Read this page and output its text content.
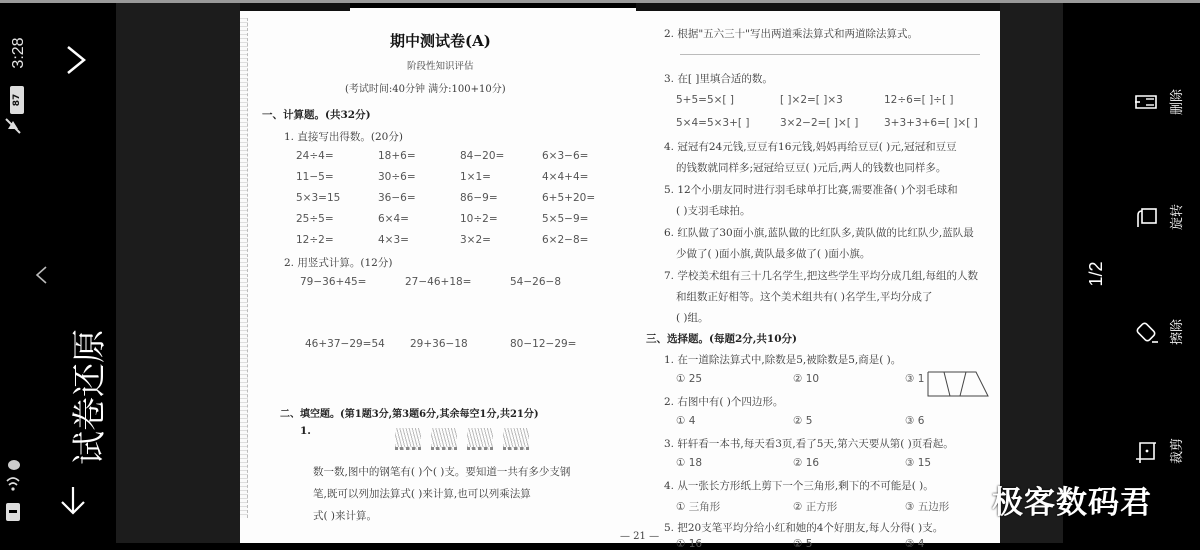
3:28
87
试卷还原
期中测试卷(A)
阶段性知识评估
(考试时间:40分钟 满分:100+10分)
一、计算题。(共32分)
1. 直接写出得数。(20分)
24÷4=	18+6=	84−20=	6×3−6=
11−5=	30÷6=	1×1=	4×4+4=
5×3=15	36−6=	86−9=	6+5+20=
25÷5=	6×4=	10÷2=	5×5−9=
12÷2=	4×3=	3×2=	6×2−8=
2. 用竖式计算。(12分)
79−36+45=	27−46+18=	54−26−8
46+37−29=54	29+36−18	80−12−29=
二、填空题。(第1题3分,第3题6分,其余每空1分,共21分)
1.
数一数,图中的钢笔有( )个( )支。要知道一共有多少支钢
笔,既可以列加法算式( )来计算,也可以列乘法算
式( )来计算。
2. 根据"五六三十"写出两道乘法算式和两道除法算式。
3. 在[ ]里填合适的数。
5+5=5×[ ]	[ ]×2=[ ]×3	12÷6=[ ]÷[ ]
5×4=5×3+[ ]	3×2−2=[ ]×[ ]	3+3+3+6=[ ]×[ ]
4. 冠冠有24元钱,豆豆有16元钱,妈妈再给豆豆( )元,冠冠和豆豆
的钱数就同样多;冠冠给豆豆( )元后,两人的钱数也同样多。
5. 12个小朋友同时进行羽毛球单打比赛,需要准备( )个羽毛球和
( )支羽毛球拍。
6. 红队做了30面小旗,蓝队做的比红队多,黄队做的比红队少,蓝队最
少做了( )面小旗,黄队最多做了( )面小旗。
7. 学校美术组有三十几名学生,把这些学生平均分成几组,每组的人数
和组数正好相等。这个美术组共有( )名学生,平均分成了
( )组。
三、选择题。(每题2分,共10分)
1. 在一道除法算式中,除数是5,被除数是5,商是( )。
① 25	② 10	③ 1
2. 右图中有( )个四边形。
① 4	② 5	③ 6
3. 轩轩看一本书,每天看3页,看了5天,第六天要从第( )页看起。
① 18	② 16	③ 15
4. 从一张长方形纸上剪下一个三角形,剩下的不可能是( )。
① 三角形	② 正方形	③ 五边形
5. 把20支笔平均分给小红和她的4个好朋友,每人分得( )支。
① 16	② 5	③ 4
— 21 —
删除
旋转
擦除
裁剪
1/2
极客数码君
